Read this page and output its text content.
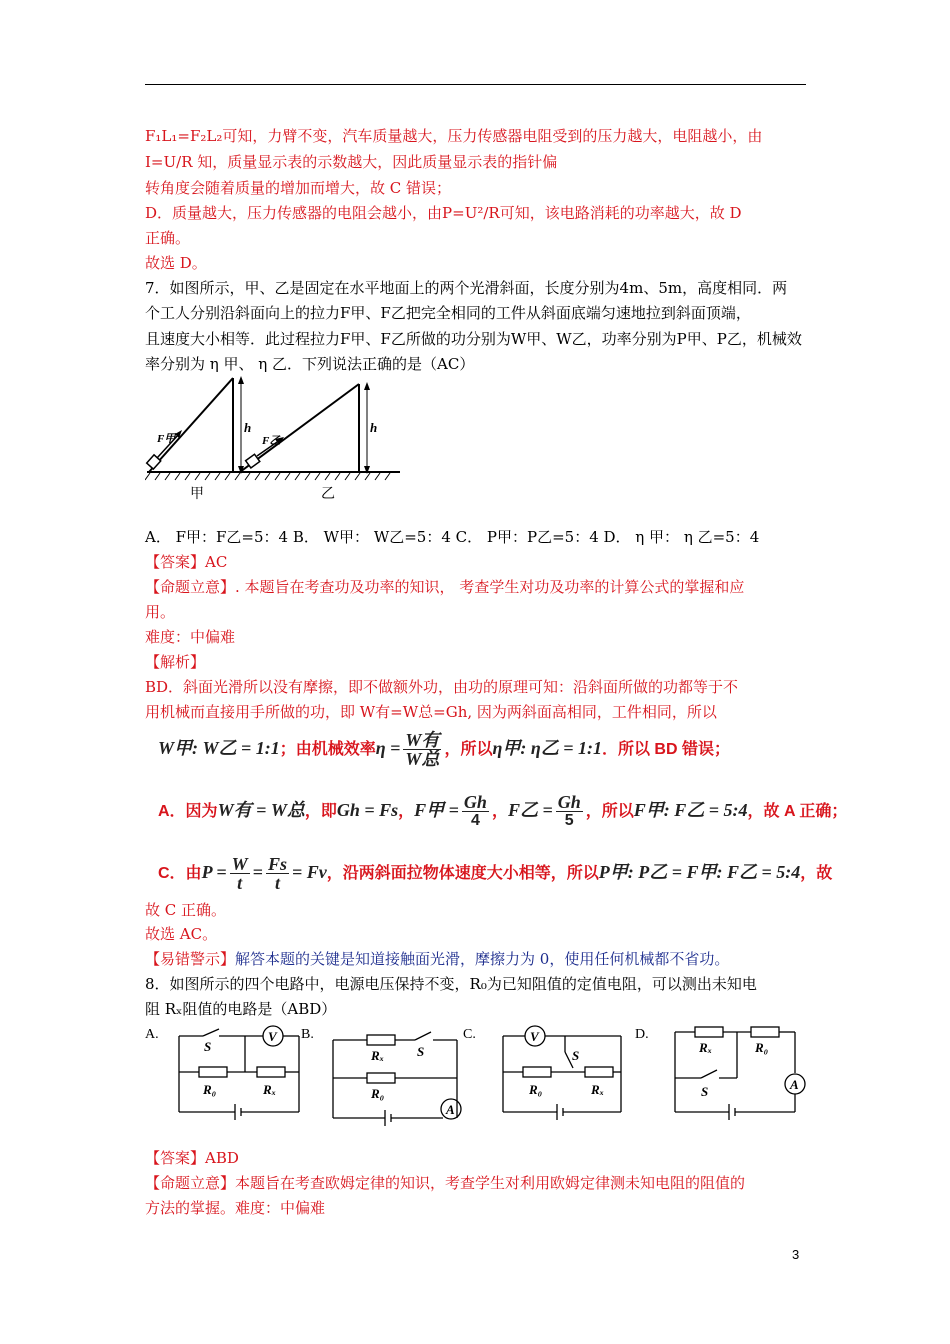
F₁L₁=F₂L₂可知，力臂不变，汽车质量越大，压力传感器电阻受到的压力越大，电阻越小，由
I=U/R 知，质量显示表的示数越大，因此质量显示表的指针偏
转角度会随着质量的增加而增大，故 C 错误；
D．质量越大，压力传感器的电阻会越小，由P=U²/R可知，该电路消耗的功率越大，故 D
正确。
故选 D。
7．如图所示，甲、乙是固定在水平地面上的两个光滑斜面，长度分别为4m、5m，高度相同．两
个工人分别沿斜面向上的拉力F甲、F乙把完全相同的工件从斜面底端匀速地拉到斜面顶端，
且速度大小相等．此过程拉力F甲、F乙所做的功分别为W甲、W乙，功率分别为P甲、P乙，机械效
率分别为 η 甲、 η 乙．下列说法正确的是（AC）
h	h
F甲	F乙
甲	乙
A． F甲：F乙=5：4 B． W甲： W乙=5：4 C． P甲：P乙=5：4 D． η 甲： η 乙=5：4
【答案】AC
【命题立意】. 本题旨在考查功及功率的知识， 考查学生对功及功率的计算公式的掌握和应
用。
难度：中偏难
【解析】
BD．斜面光滑所以没有摩擦，即不做额外功，由功的原理可知：沿斜面所做的功都等于不
用机械而直接用手所做的功，即 W有=W总=Gh, 因为两斜面高相同，工件相同，所以
W甲: W乙 = 1:1；由机械效率$\eta = \frac{\text{W有}}{\text{W总}}$ ，所以η甲: η乙 = 1:1．所以 BD 错误；
A．因为W有 = W总，即Gh = Fs，F甲 = $\frac{Gh}{4}$ ，F乙 = $\frac{Gh}{5}$ ，所以F甲: F乙 = 5:4，故 A 正确；
C．由$P = \frac{W}{t} = \frac{Fs}{t} = Fv$，沿两斜面拉物体速度大小相等，所以P甲: P乙 = F甲: F乙 = 5:4，故
故 C 正确。
故选 AC。
【易错警示】解答本题的关键是知道接触面光滑，摩擦力为 0，使用任何机械都不省功。
8．如图所示的四个电路中，电源电压保持不变，R₀为已知阻值的定值电阻，可以测出未知电
阻 Rₓ阻值的电路是（ABD）
A.	B.	C.	D.
V
S
R₀	Rₓ
Rₓ	S
R₀
A
V
S
R₀	Rₓ
Rₓ	R₀
S	A
【答案】ABD
【命题立意】本题旨在考查欧姆定律的知识，考查学生对利用欧姆定律测未知电阻的阻值的
方法的掌握。难度：中偏难
3
